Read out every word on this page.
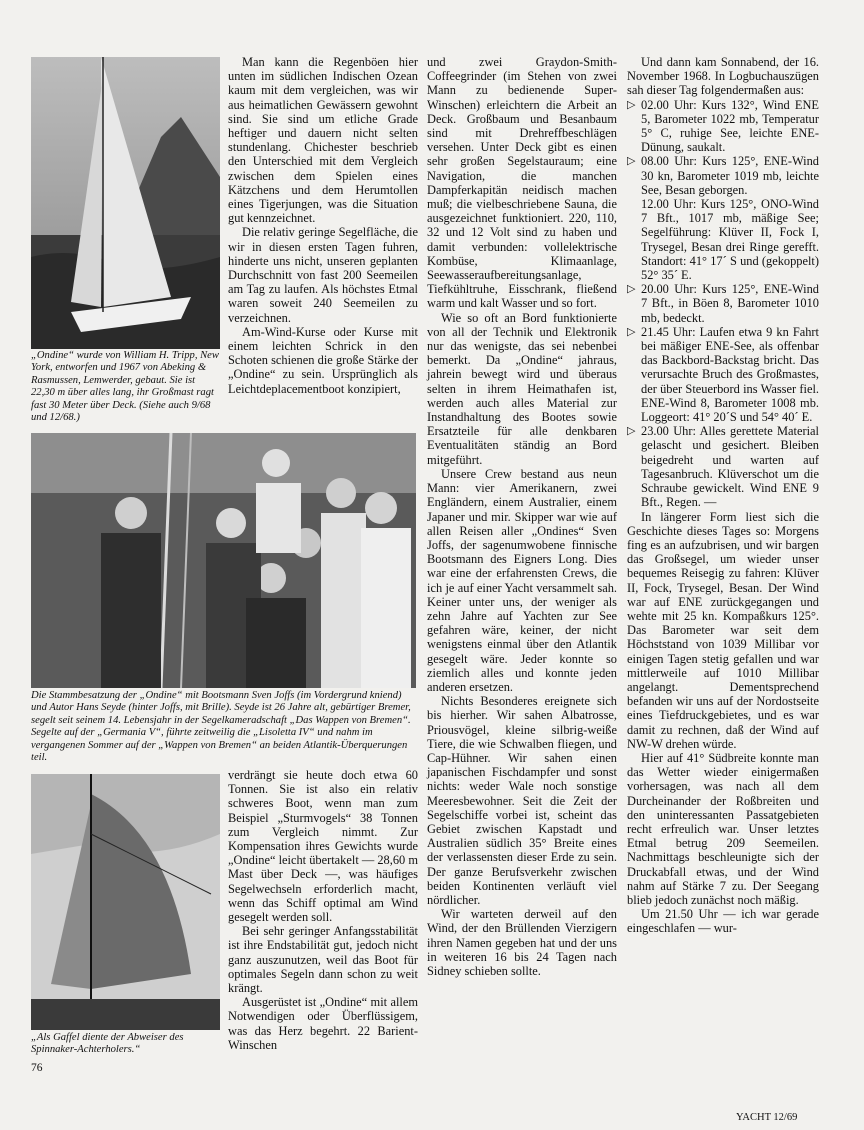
„Ondine“ wurde von William H. Tripp, New York, entworfen und 1967 von Abeking & Rasmussen, Lemwerder, gebaut. Sie ist 22,30 m über alles lang, ihr Großmast ragt fast 30 Meter über Deck. (Siehe auch 9/68 und 12/68.)

Man kann die Regenböen hier unten im südlichen Indischen Ozean kaum mit dem vergleichen, was wir aus heimatlichen Gewässern gewohnt sind. Sie sind um etliche Grade heftiger und dauern nicht selten stundenlang. Chichester beschrieb den Unterschied mit dem Vergleich zwischen dem Spielen eines Kätzchens und dem Herumtollen eines Tigerjungen, was die Situation gut kennzeichnet.

Die relativ geringe Segelfläche, die wir in diesen ersten Tagen fuhren, hinderte uns nicht, unseren geplanten Durchschnitt von fast 200 Seemeilen am Tag zu laufen. Als höchstes Etmal waren soweit 240 Seemeilen zu verzeichnen.

Am-Wind-Kurse oder Kurse mit einem leichten Schrick in den Schoten schienen die große Stärke der „Ondine“ zu sein. Ursprünglich als Leichtdeplacementboot konzipiert,

Die Stammbesatzung der „Ondine“ mit Bootsmann Sven Joffs (im Vordergrund kniend) und Autor Hans Seyde (hinter Joffs, mit Brille). Seyde ist 26 Jahre alt, gebürtiger Bremer, segelt seit seinem 14. Lebensjahr in der Segelkameradschaft „Das Wappen von Bremen“. Segelte auf der „Germania V“, führte zeitweilig die „Lisoletta IV“ und nahm im vergangenen Sommer auf der „Wappen von Bremen“ an beiden Atlantik-Überquerungen teil.
„Als Gaffel diente der Abweiser des Spinnaker-Achterholers.“

verdrängt sie heute doch etwa 60 Tonnen. Sie ist also ein relativ schweres Boot, wenn man zum Beispiel „Sturmvogels“ 38 Tonnen zum Vergleich nimmt. Zur Kompensation ihres Gewichts wurde „Ondine“ leicht übertakelt — 28,60 m Mast über Deck —, was häufiges Segelwechseln erforderlich macht, wenn das Schiff optimal am Wind gesegelt werden soll.

Bei sehr geringer Anfangsstabilität ist ihre Endstabilität gut, jedoch nicht ganz auszunutzen, weil das Boot für optimales Segeln dann schon zu weit krängt.

Ausgerüstet ist „Ondine“ mit allem Notwendigen oder Überflüssigem, was das Herz begehrt. 22 Barient-Winschen

und zwei Graydon-Smith-Coffeegrinder (im Stehen von zwei Mann zu bedienende Super-Winschen) erleichtern die Arbeit an Deck. Großbaum und Besanbaum sind mit Drehreffbeschlägen versehen. Unter Deck gibt es einen sehr großen Segelstauraum; eine Navigation, die manchen Dampferkapitän neidisch machen muß; die vielbeschriebene Sauna, die ausgezeichnet funktioniert. 220, 110, 32 und 12 Volt sind zu haben und damit verbunden: vollelektrische Kombüse, Klimaanlage, Seewasseraufbereitungsanlage, Tiefkühltruhe, Eisschrank, fließend warm und kalt Wasser und so fort.

Wie so oft an Bord funktionierte von all der Technik und Elektronik nur das wenigste, das sei nebenbei bemerkt. Da „Ondine“ jahraus, jahrein bewegt wird und überaus selten in ihrem Heimathafen ist, werden auch alles Material zur Instandhaltung des Bootes sowie Ersatzteile für alle denkbaren Eventualitäten ständig an Bord mitgeführt.

Unsere Crew bestand aus neun Mann: vier Amerikanern, zwei Engländern, einem Australier, einem Japaner und mir. Skipper war wie auf allen Reisen aller „Ondines“ Sven Joffs, der sagenumwobene finnische Bootsmann des Eigners Long. Dies war eine der erfahrensten Crews, die ich je auf einer Yacht versammelt sah. Keiner unter uns, der weniger als zehn Jahre auf Yachten zur See gefahren wäre, keiner, der nicht wenigstens einmal über den Atlantik gesegelt wäre. Jeder konnte so ziemlich alles und konnte jeden anderen ersetzen.

Nichts Besonderes ereignete sich bis hierher. Wir sahen Albatrosse, Priousvögel, kleine silbrig-weiße Tiere, die wie Schwalben fliegen, und Cap-Hühner. Wir sahen einen japanischen Fischdampfer und sonst nichts: weder Wale noch sonstige Meeresbewohner. Seit die Zeit der Segelschiffe vorbei ist, scheint das Gebiet zwischen Kapstadt und Australien südlich 35° Breite eines der verlassensten dieser Erde zu sein. Der ganze Berufsverkehr zwischen beiden Kontinenten verläuft viel nördlicher.

Wir warteten derweil auf den Wind, der den Brüllenden Vierzigern ihren Namen gegeben hat und der uns in weiteren 16 bis 24 Tagen nach Sidney schieben sollte.

Und dann kam Sonnabend, der 16. November 1968. In Logbuchauszügen sah dieser Tag folgendermaßen aus:

▷ 02.00 Uhr: Kurs 132°, Wind ENE 5, Barometer 1022 mb, Temperatur 5° C, ruhige See, leichte ENE-Dünung, saukalt.
▷ 08.00 Uhr: Kurs 125°, ENE-Wind 30 kn, Barometer 1019 mb, leichte See, Besan geborgen.
12.00 Uhr: Kurs 125°, ONO-Wind 7 Bft., 1017 mb, mäßige See; Segelführung: Klüver II, Fock I, Trysegel, Besan drei Ringe gerefft. Standort: 41° 17´ S und (gekoppelt) 52° 35´ E.
▷ 20.00 Uhr: Kurs 125°, ENE-Wind 7 Bft., in Böen 8, Barometer 1010 mb, bedeckt.
▷ 21.45 Uhr: Laufen etwa 9 kn Fahrt bei mäßiger ENE-See, als offenbar das Backbord-Backstag bricht. Das verursachte Bruch des Großmastes, der über Steuerbord ins Wasser fiel. ENE-Wind 8, Barometer 1008 mb. Loggeort: 41° 20´S und 54° 40´ E.
▷ 23.00 Uhr: Alles gerettete Material gelascht und gesichert. Bleiben beigedreht und warten auf Tagesanbruch. Klüverschot um die Schraube gewickelt. Wind ENE 9 Bft., Regen. —

In längerer Form liest sich die Geschichte dieses Tages so: Morgens fing es an aufzubrisen, und wir bargen das Großsegel, um wieder unser bequemes Reisegig zu fahren: Klüver II, Fock, Trysegel, Besan. Der Wind war auf ENE zurückgegangen und wehte mit 25 kn. Kompaßkurs 125°. Das Barometer war seit dem Höchststand von 1039 Millibar vor einigen Tagen stetig gefallen und war mittlerweile auf 1010 Millibar angelangt. Dementsprechend befanden wir uns auf der Nordostseite eines Tiefdruckgebietes, und es war damit zu rechnen, daß der Wind auf NW-W drehen würde.

Hier auf 41° Südbreite konnte man das Wetter wieder einigermaßen vorhersagen, was nach all dem Durcheinander der Roßbreiten und den uninteressanten Passatgebieten recht erfreulich war. Unser letztes Etmal betrug 209 Seemeilen. Nachmittags beschleunigte sich der Druckabfall etwas, und der Wind nahm auf Stärke 7 zu. Der Seegang blieb jedoch zunächst noch mäßig.

Um 21.50 Uhr — ich war gerade eingeschlafen — wur-

76
YACHT 12/69
